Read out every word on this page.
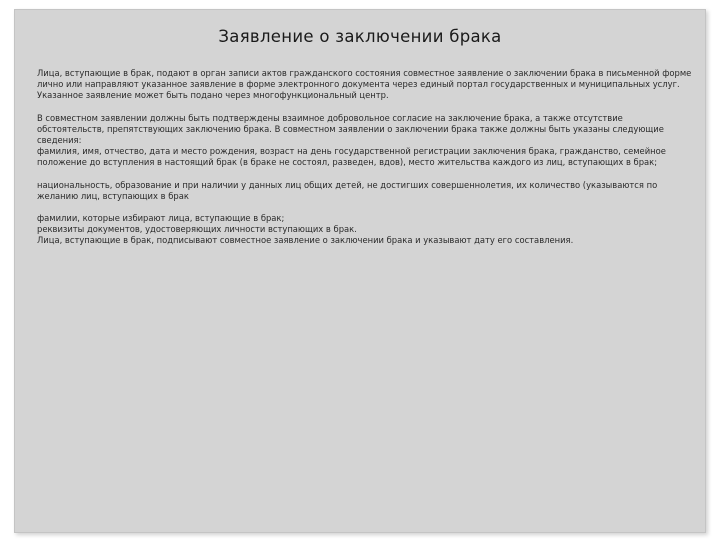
Заявление о заключении брака

Лица, вступающие в брак, подают в орган записи актов гражданского состояния совместное заявление о заключении брака в письменной форме лично или направляют указанное заявление в форме электронного документа через единый портал государственных и муниципальных услуг. Указанное заявление может быть подано через многофункциональный центр.

В совместном заявлении должны быть подтверждены взаимное добровольное согласие на заключение брака, а также отсутствие обстоятельств, препятствующих заключению брака. В совместном заявлении о заключении брака также должны быть указаны следующие сведения:
фамилия, имя, отчество, дата и место рождения, возраст на день государственной регистрации заключения брака, гражданство, семейное положение до вступления в настоящий брак (в браке не состоял, разведен, вдов), место жительства каждого из лиц, вступающих в брак;

национальность, образование и при наличии у данных лиц общих детей, не достигших совершеннолетия, их количество (указываются по желанию лиц, вступающих в брак

фамилии, которые избирают лица, вступающие в брак;
реквизиты документов, удостоверяющих личности вступающих в брак.
Лица, вступающие в брак, подписывают совместное заявление о заключении брака и указывают дату его составления.
